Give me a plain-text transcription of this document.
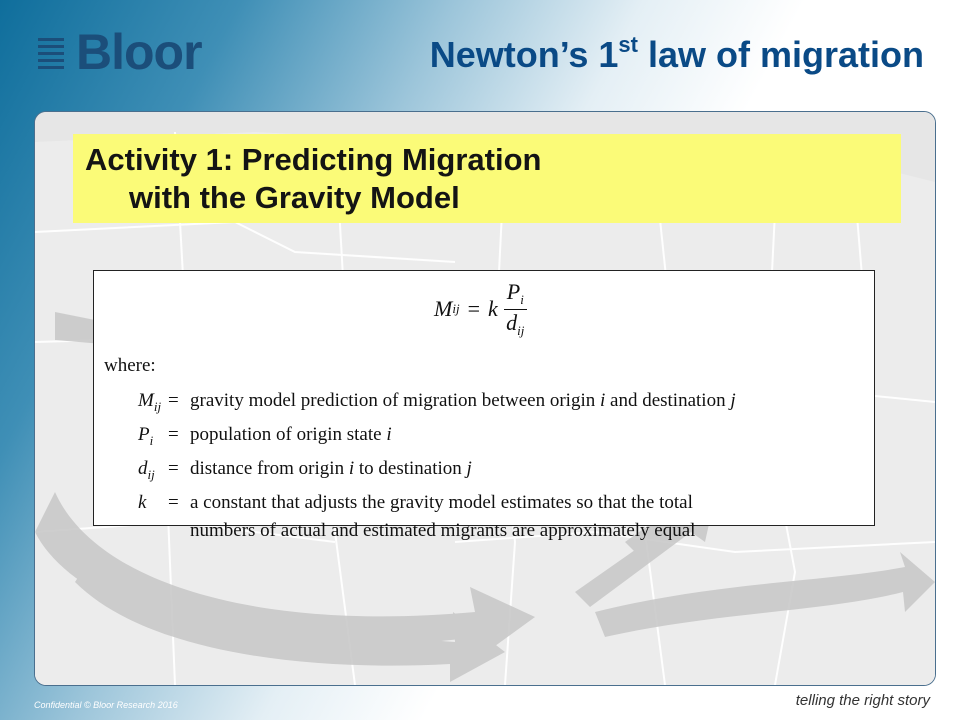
Bloor	Newton’s 1st law of migration
Activity 1: Predicting Migration
with the Gravity Model
M ij = k $\frac{P_i}{d_{ij}}$
where:
$M_{ij}$ = gravity model prediction of migration between origin i and destination j
$P_i$ = population of origin state i
$d_{ij}$ = distance from origin i to destination j
k	= a constant that adjusts the gravity model estimates so that the total
numbers of actual and estimated migrants are approximately equal
Confidential © Bloor Research 2016	telling the right story
